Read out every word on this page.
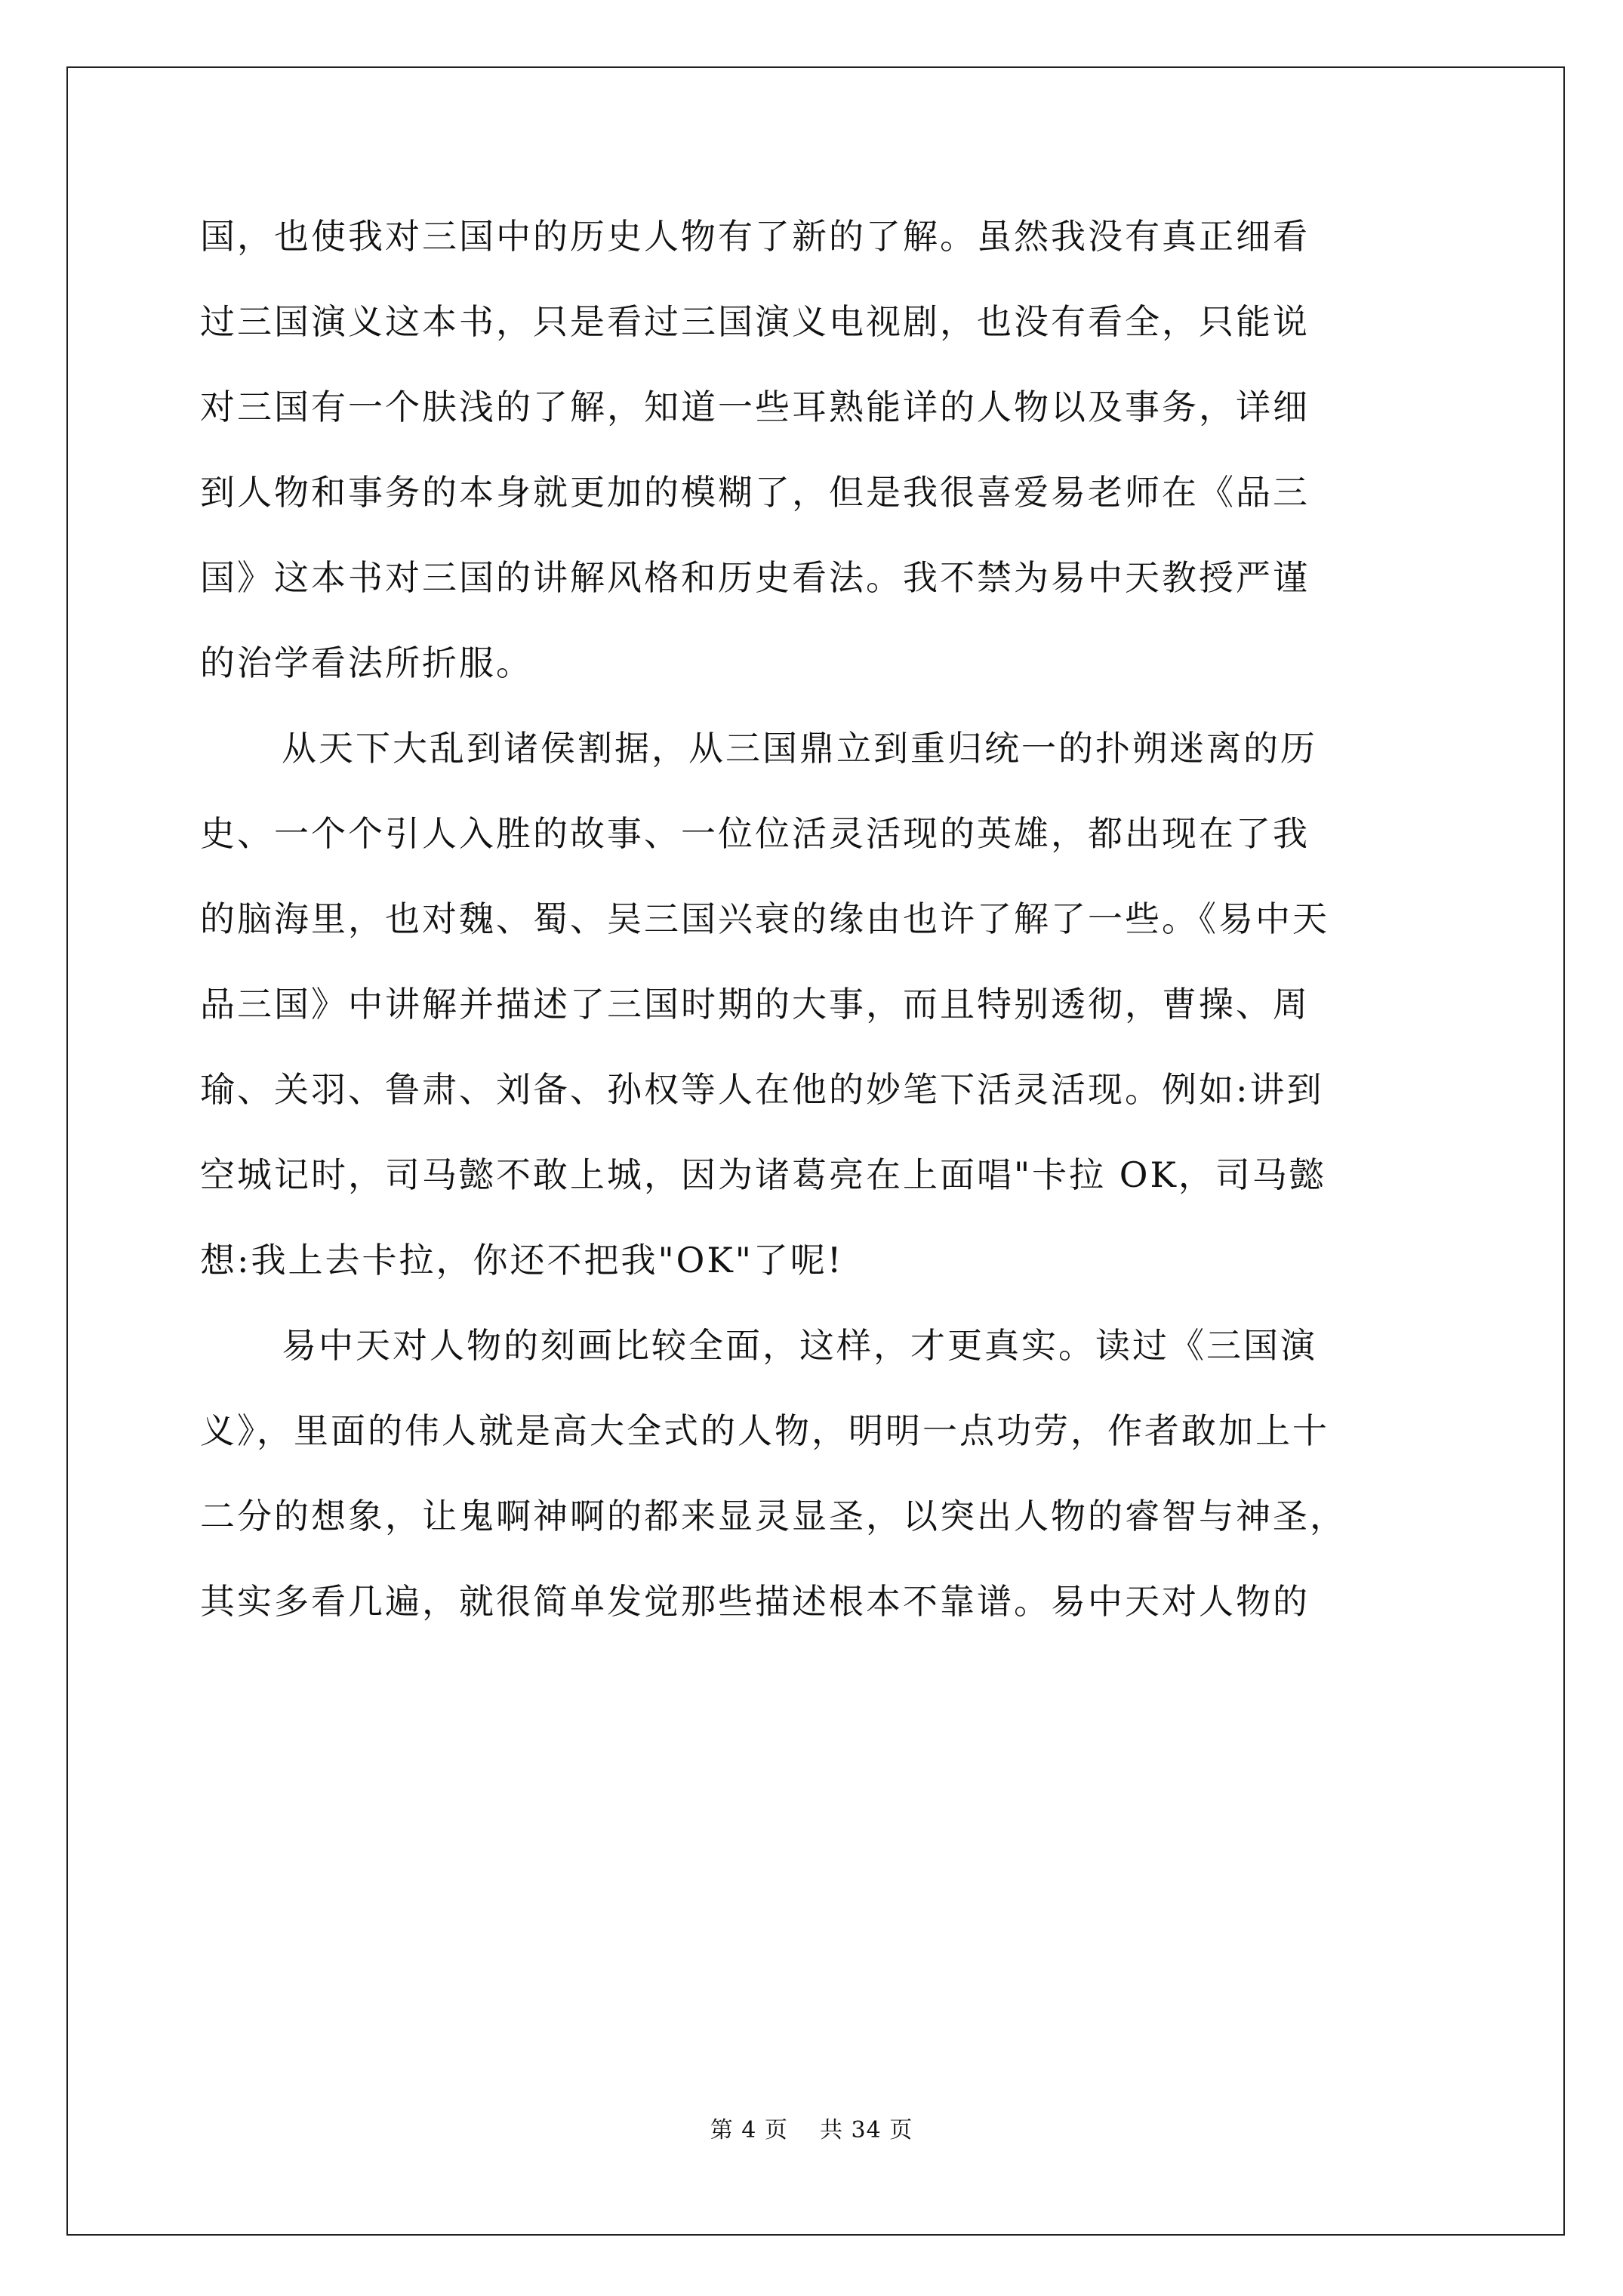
国，也使我对三国中的历史人物有了新的了解。虽然我没有真正细看
过三国演义这本书，只是看过三国演义电视剧，也没有看全，只能说
对三国有一个肤浅的了解，知道一些耳熟能详的人物以及事务，详细
到人物和事务的本身就更加的模糊了，但是我很喜爱易老师在《品三
国》这本书对三国的讲解风格和历史看法。我不禁为易中天教授严谨
的治学看法所折服。
从天下大乱到诸侯割据，从三国鼎立到重归统一的扑朔迷离的历
史、一个个引人入胜的故事、一位位活灵活现的英雄，都出现在了我
的脑海里，也对魏、蜀、吴三国兴衰的缘由也许了解了一些。《易中天
品三国》中讲解并描述了三国时期的大事，而且特别透彻，曹操、周
瑜、关羽、鲁肃、刘备、孙权等人在他的妙笔下活灵活现。例如:讲到
空城记时，司马懿不敢上城，因为诸葛亮在上面唱"卡拉 OK，司马懿
想:我上去卡拉，你还不把我"OK"了呢!
易中天对人物的刻画比较全面，这样，才更真实。读过《三国演
义》，里面的伟人就是高大全式的人物，明明一点功劳，作者敢加上十
二分的想象，让鬼啊神啊的都来显灵显圣，以突出人物的睿智与神圣，
其实多看几遍，就很简单发觉那些描述根本不靠谱。易中天对人物的
第 4 页    共 34 页
